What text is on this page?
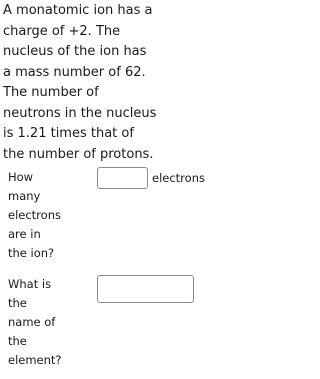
A monatomic ion has a
charge of +2. The
nucleus of the ion has
a mass number of 62.
The number of
neutrons in the nucleus
is 1.21 times that of
the number of protons.
How
many
electrons
are in
the ion?
electrons
What is
the
name of
the
element?
